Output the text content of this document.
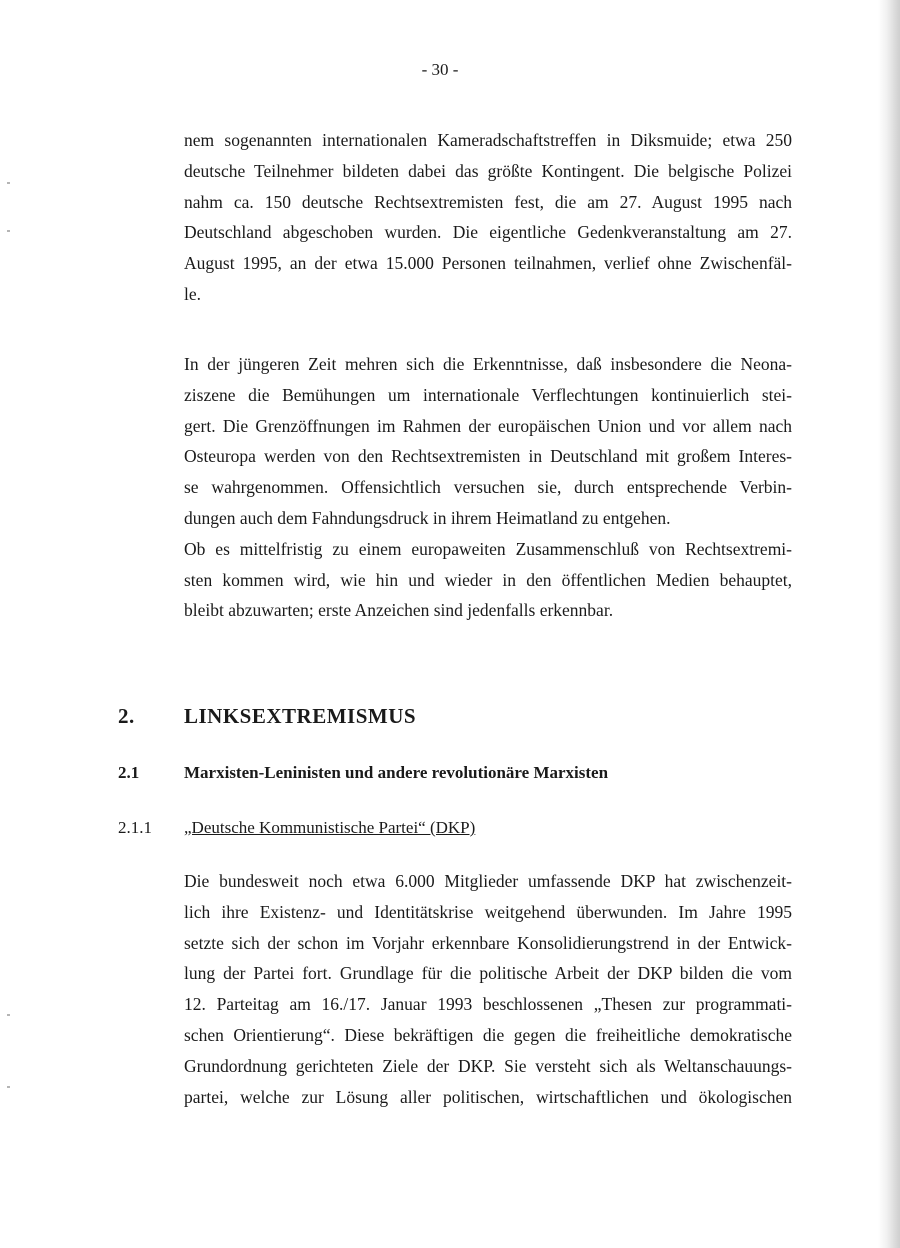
- 30 -
nem sogenannten internationalen Kameradschaftstreffen in Diksmuide; etwa 250
deutsche Teilnehmer bildeten dabei das größte Kontingent. Die belgische Polizei
nahm ca. 150 deutsche Rechtsextremisten fest, die am 27. August 1995 nach
Deutschland abgeschoben wurden. Die eigentliche Gedenkveranstaltung am 27.
August 1995, an der etwa 15.000 Personen teilnahmen, verlief ohne Zwischenfäl-
le.
In der jüngeren Zeit mehren sich die Erkenntnisse, daß insbesondere die Neona-
ziszene die Bemühungen um internationale Verflechtungen kontinuierlich stei-
gert. Die Grenzöffnungen im Rahmen der europäischen Union und vor allem nach
Osteuropa werden von den Rechtsextremisten in Deutschland mit großem Interes-
se wahrgenommen. Offensichtlich versuchen sie, durch entsprechende Verbin-
dungen auch dem Fahndungsdruck in ihrem Heimatland zu entgehen.
Ob es mittelfristig zu einem europaweiten Zusammenschluß von Rechtsextremi-
sten kommen wird, wie hin und wieder in den öffentlichen Medien behauptet,
bleibt abzuwarten; erste Anzeichen sind jedenfalls erkennbar.
2.	LINKSEXTREMISMUS
2.1	Marxisten-Leninisten und andere revolutionäre Marxisten
2.1.1	„Deutsche Kommunistische Partei“ (DKP)
Die bundesweit noch etwa 6.000 Mitglieder umfassende DKP hat zwischenzeit-
lich ihre Existenz- und Identitätskrise weitgehend überwunden. Im Jahre 1995
setzte sich der schon im Vorjahr erkennbare Konsolidierungstrend in der Entwick-
lung der Partei fort. Grundlage für die politische Arbeit der DKP bilden die vom
12. Parteitag am 16./17. Januar 1993 beschlossenen „Thesen zur programmati-
schen Orientierung“. Diese bekräftigen die gegen die freiheitliche demokratische
Grundordnung gerichteten Ziele der DKP. Sie versteht sich als Weltanschauungs-
partei, welche zur Lösung aller politischen, wirtschaftlichen und ökologischen
